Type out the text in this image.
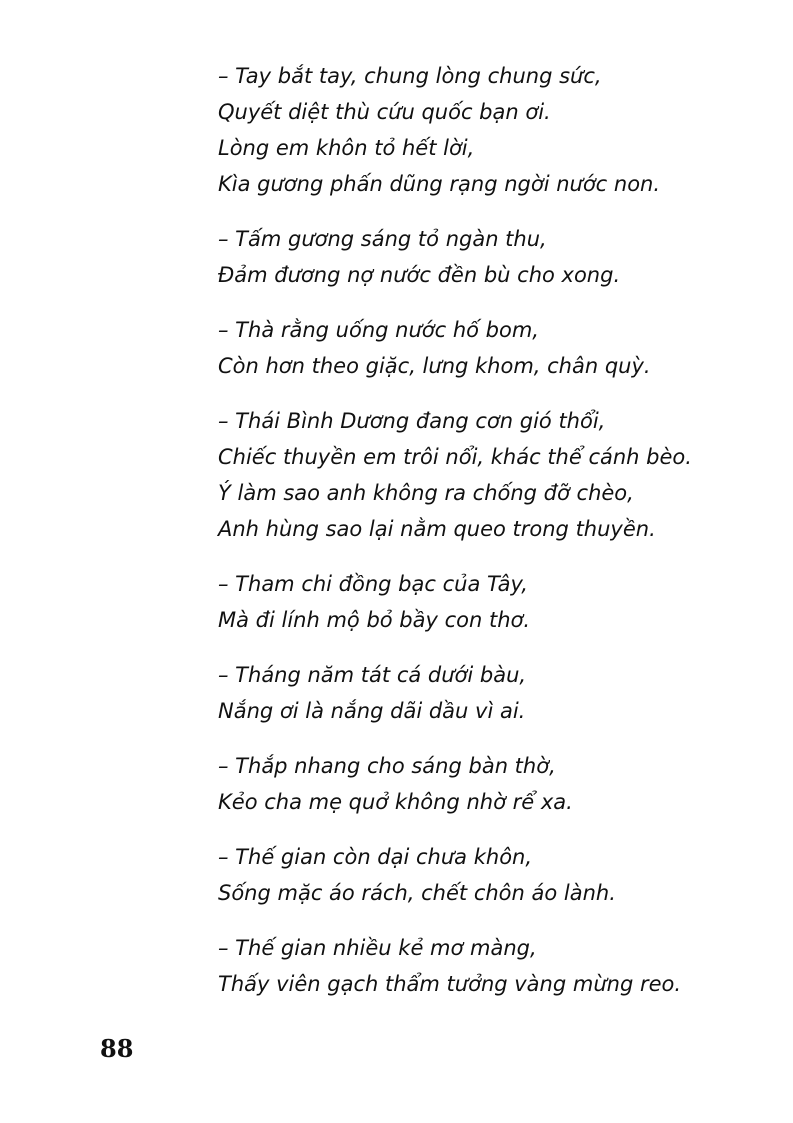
– Tay bắt tay, chung lòng chung sức,
Quyết diệt thù cứu quốc bạn ơi.
Lòng em khôn tỏ hết lời,
Kìa gương phấn dũng rạng ngời nước non.
– Tấm gương sáng tỏ ngàn thu,
Đảm đương nợ nước đền bù cho xong.
– Thà rằng uống nước hố bom,
Còn hơn theo giặc, lưng khom, chân quỳ.
– Thái Bình Dương đang cơn gió thổi,
Chiếc thuyền em trôi nổi, khác thể cánh bèo.
Ý làm sao anh không ra chống đỡ chèo,
Anh hùng sao lại nằm queo trong thuyền.
– Tham chi đồng bạc của Tây,
Mà đi lính mộ bỏ bầy con thơ.
– Tháng năm tát cá dưới bàu,
Nắng ơi là nắng dãi dầu vì ai.
– Thắp nhang cho sáng bàn thờ,
Kẻo cha mẹ quở không nhờ rể xa.
– Thế gian còn dại chưa khôn,
Sống mặc áo rách, chết chôn áo lành.
– Thế gian nhiều kẻ mơ màng,
Thấy viên gạch thẩm tưởng vàng mừng reo.
88
